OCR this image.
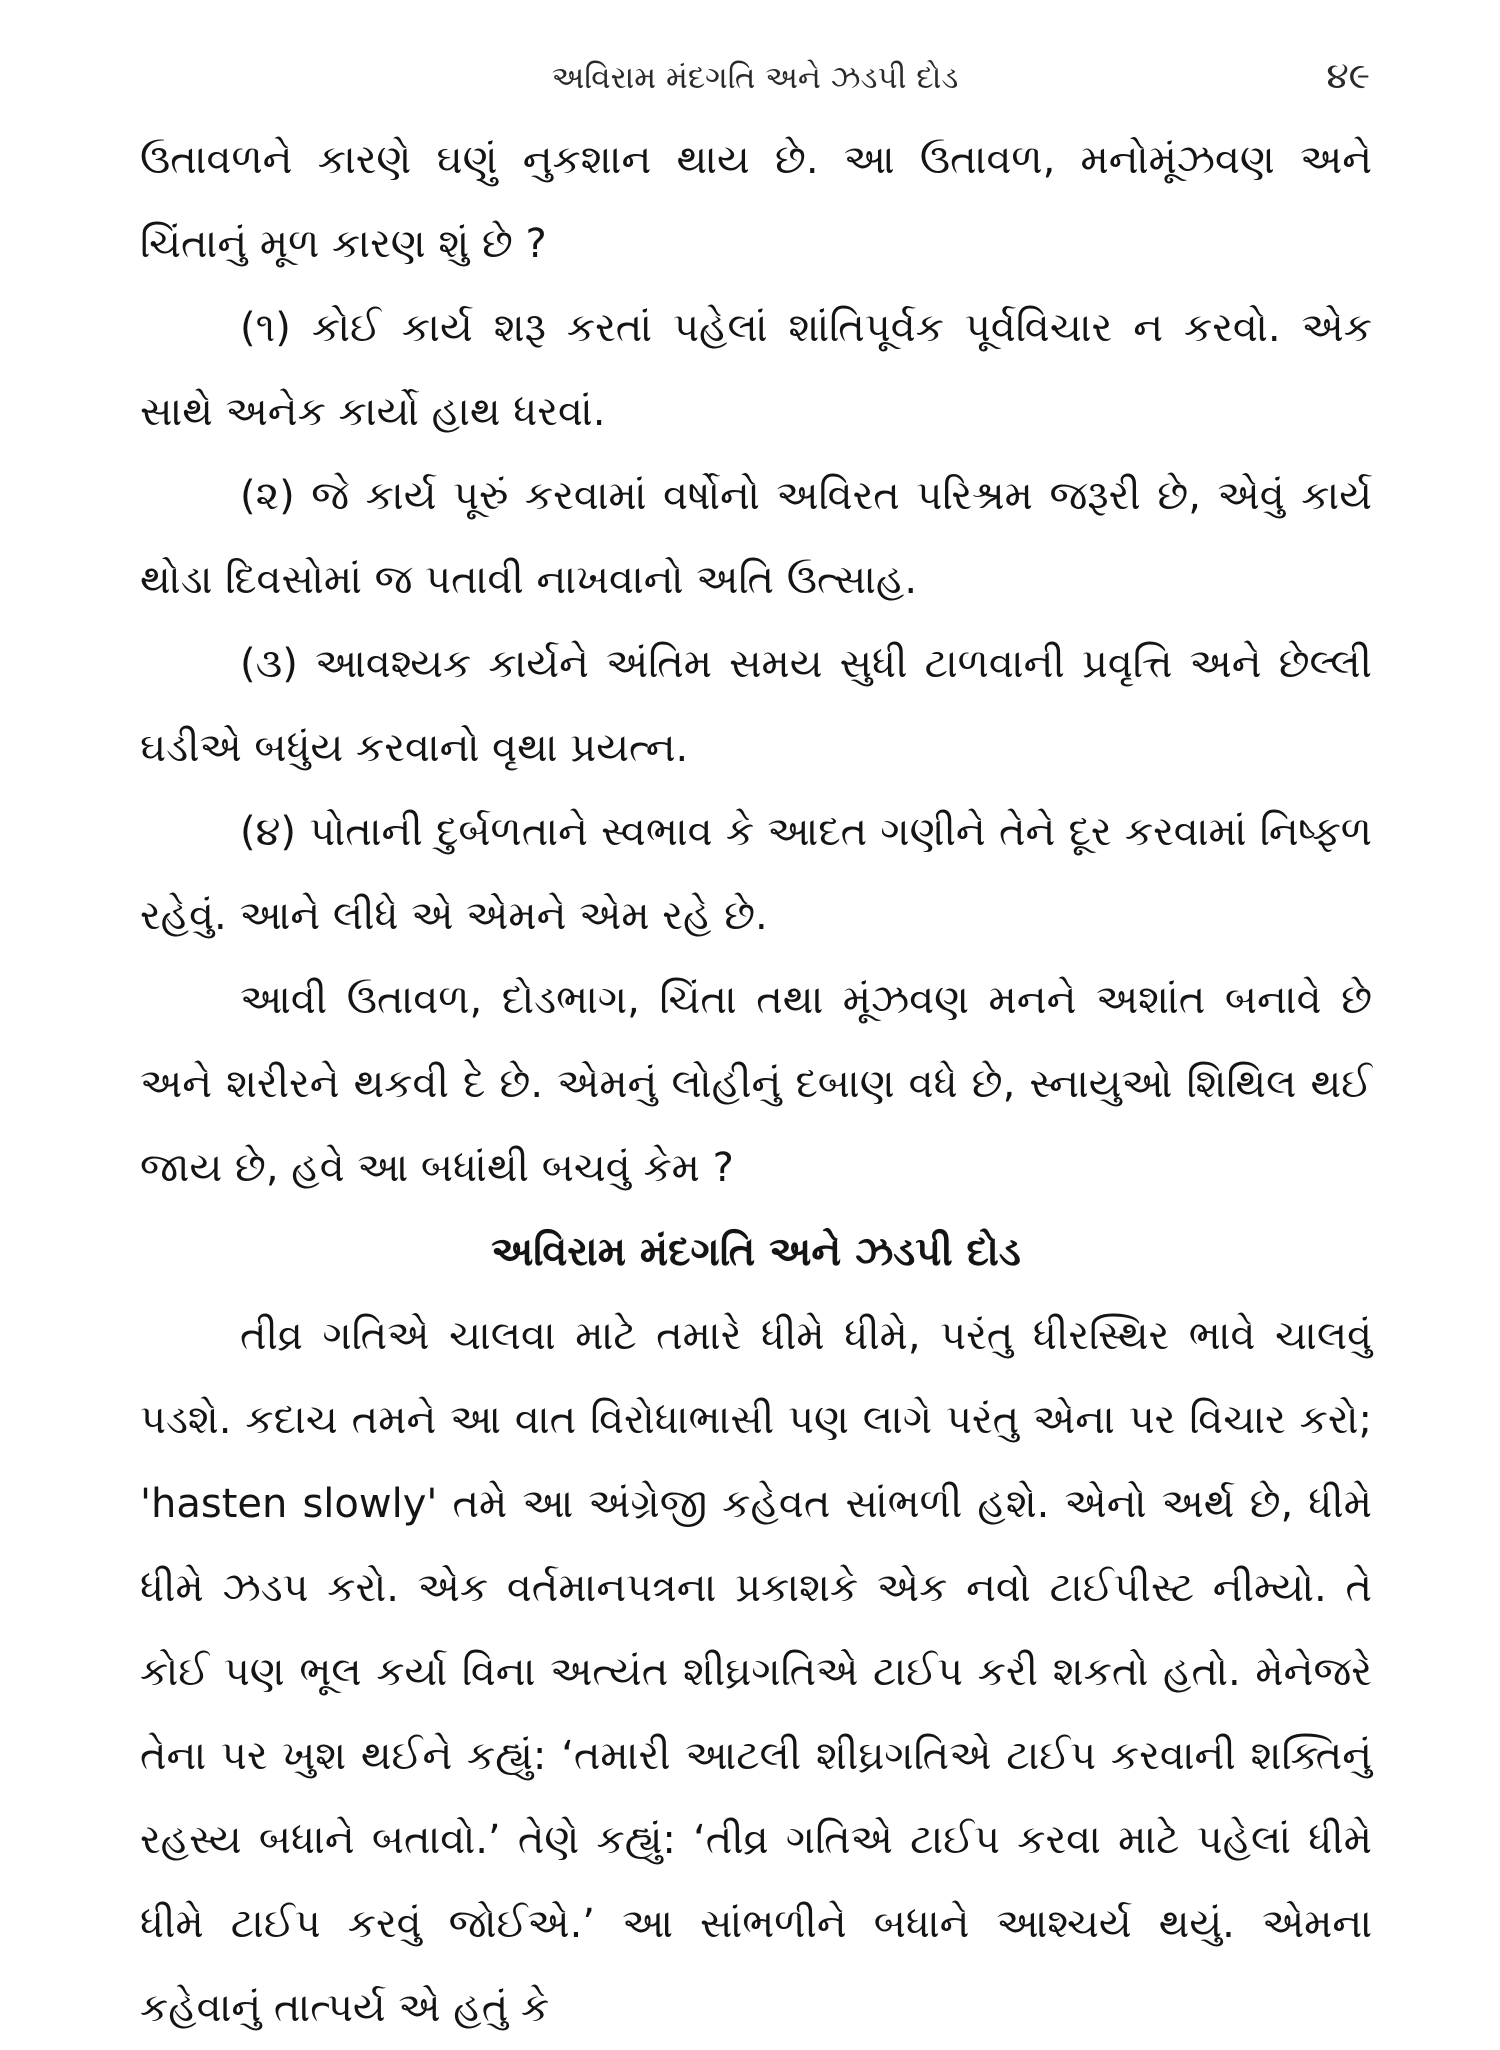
અવિરામ મંદગતિ અને ઝડપી દોડ	૪૯

ઉતાવળને કારણે ઘણું નુકશાન થાય છે. આ ઉતાવળ, મનોમૂંઝવણ અને ચિંતાનું મૂળ કારણ શું છે ?

(૧) કોઈ કાર્ય શરૂ કરતાં પહેલાં શાંતિપૂર્વક પૂર્વવિચાર ન કરવો. એક સાથે અનેક કાર્યો હાથ ધરવાં.

(૨) જે કાર્ય પૂરું કરવામાં વર્ષોનો અવિરત પરિશ્રમ જરૂરી છે, એવું કાર્ય થોડા દિવસોમાં જ પતાવી નાખવાનો અતિ ઉત્સાહ.

(૩) આવશ્યક કાર્યને અંતિમ સમય સુધી ટાળવાની પ્રવૃત્તિ અને છેલ્લી ઘડીએ બધુંય કરવાનો વૃથા પ્રયત્ન.

(૪) પોતાની દુર્બળતાને સ્વભાવ કે આદત ગણીને તેને દૂર કરવામાં નિષ્ફળ રહેવું. આને લીધે એ એમને એમ રહે છે.

આવી ઉતાવળ, દોડભાગ, ચિંતા તથા મૂંઝવણ મનને અશાંત બનાવે છે અને શરીરને થકવી દે છે. એમનું લોહીનું દબાણ વધે છે, સ્નાયુઓ શિથિલ થઈ જાય છે, હવે આ બધાંથી બચવું કેમ ?

અવિરામ મંદગતિ અને ઝડપી દોડ

તીવ્ર ગતિએ ચાલવા માટે તમારે ધીમે ધીમે, પરંતુ ધીરસ્થિર ભાવે ચાલવું પડશે. કદાચ તમને આ વાત વિરોધાભાસી પણ લાગે પરંતુ એના પર વિચાર કરો; 'hasten slowly' તમે આ અંગ્રેજી કહેવત સાંભળી હશે. એનો અર્થ છે, ધીમે ધીમે ઝડપ કરો. એક વર્તમાનપત્રના પ્રકાશકે એક નવો ટાઈપીસ્ટ નીમ્યો. તે કોઈ પણ ભૂલ કર્યા વિના અત્યંત શીઘ્રગતિએ ટાઈપ કરી શકતો હતો. મેનેજરે તેના પર ખુશ થઈને કહ્યું: ‘તમારી આટલી શીઘ્રગતિએ ટાઈપ કરવાની શક્તિનું રહસ્ય બધાને બતાવો.’ તેણે કહ્યું: ‘તીવ્ર ગતિએ ટાઈપ કરવા માટે પહેલાં ધીમે ધીમે ટાઈપ કરવું જોઈએ.’ આ સાંભળીને બધાને આશ્ચર્ય થયું. એમના કહેવાનું તાત્પર્ય એ હતું કે
